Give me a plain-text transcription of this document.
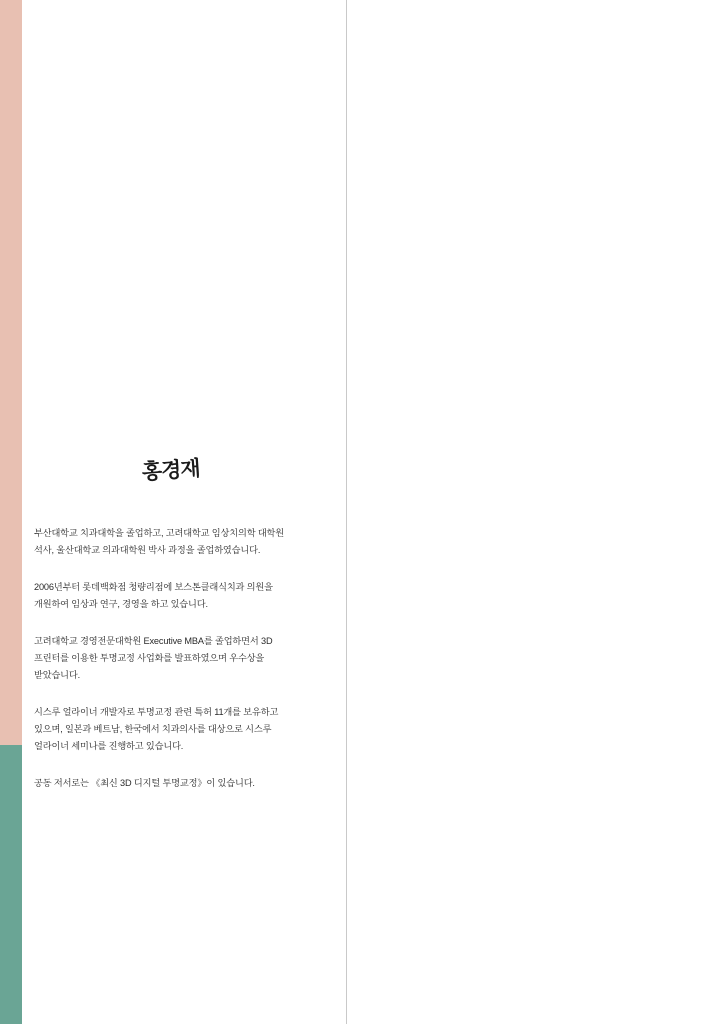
홍경재

부산대학교 치과대학을 졸업하고, 고려대학교 임상치의학 대학원 석사, 울산대학교 의과대학원 박사 과정을 졸업하였습니다.

2006년부터 롯데백화점 청량리점에 보스톤클래식치과 의원을 개원하여 임상과 연구, 경영을 하고 있습니다.

고려대학교 경영전문대학원 Executive MBA를 졸업하면서 3D 프린터를 이용한 투명교정 사업화를 발표하였으며 우수상을 받았습니다.

시스루 얼라이너 개발자로 투명교정 관련 특허 11개를 보유하고 있으며, 일본과 베트남, 한국에서 치과의사를 대상으로 시스루 얼라이너 세미나를 진행하고 있습니다.

공동 저서로는 《최신 3D 디지털 투명교정》이 있습니다.
